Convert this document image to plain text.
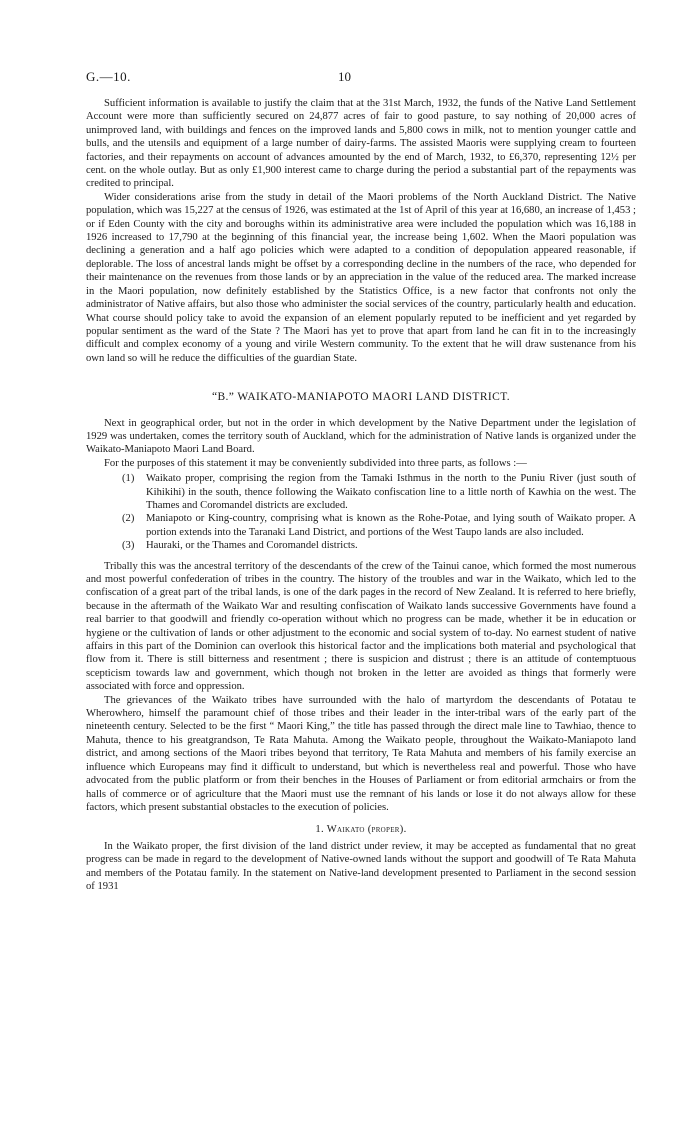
G.—10.	10

Sufficient information is available to justify the claim that at the 31st March, 1932, the funds of the Native Land Settlement Account were more than sufficiently secured on 24,877 acres of fair to good pasture, to say nothing of 20,000 acres of unimproved land, with buildings and fences on the improved lands and 5,800 cows in milk, not to mention younger cattle and bulls, and the utensils and equipment of a large number of dairy-farms. The assisted Maoris were supplying cream to fourteen factories, and their repayments on account of advances amounted by the end of March, 1932, to £6,370, representing 12½ per cent. on the whole outlay. But as only £1,900 interest came to charge during the period a substantial part of the repayments was credited to principal.

Wider considerations arise from the study in detail of the Maori problems of the North Auckland District. The Native population, which was 15,227 at the census of 1926, was estimated at the 1st of April of this year at 16,680, an increase of 1,453 ; or if Eden County with the city and boroughs within its administrative area were included the population which was 16,188 in 1926 increased to 17,790 at the beginning of this financial year, the increase being 1,602. When the Maori population was declining a generation and a half ago policies which were adapted to a condition of depopulation appeared reasonable, if deplorable. The loss of ancestral lands might be offset by a corresponding decline in the numbers of the race, who depended for their maintenance on the revenues from those lands or by an appreciation in the value of the reduced area. The marked increase in the Maori population, now definitely established by the Statistics Office, is a new factor that confronts not only the administrator of Native affairs, but also those who administer the social services of the country, particularly health and education. What course should policy take to avoid the expansion of an element popularly reputed to be inefficient and yet regarded by popular sentiment as the ward of the State ? The Maori has yet to prove that apart from land he can fit in to the increasingly difficult and complex economy of a young and virile Western community. To the extent that he will draw sustenance from his own land so will he reduce the difficulties of the guardian State.

“B.” WAIKATO-MANIAPOTO MAORI LAND DISTRICT.

Next in geographical order, but not in the order in which development by the Native Department under the legislation of 1929 was undertaken, comes the territory south of Auckland, which for the administration of Native lands is organized under the Waikato-Maniapoto Maori Land Board.

For the purposes of this statement it may be conveniently subdivided into three parts, as follows :—

(1) Waikato proper, comprising the region from the Tamaki Isthmus in the north to the Puniu River (just south of Kihikihi) in the south, thence following the Waikato confiscation line to a little north of Kawhia on the west. The Thames and Coromandel districts are excluded.
(2) Maniapoto or King-country, comprising what is known as the Rohe-Potae, and lying south of Waikato proper. A portion extends into the Taranaki Land District, and portions of the West Taupo lands are also included.
(3) Hauraki, or the Thames and Coromandel districts.

Tribally this was the ancestral territory of the descendants of the crew of the Tainui canoe, which formed the most numerous and most powerful confederation of tribes in the country. The history of the troubles and war in the Waikato, which led to the confiscation of a great part of the tribal lands, is one of the dark pages in the record of New Zealand. It is referred to here briefly, because in the aftermath of the Waikato War and resulting confiscation of Waikato lands successive Governments have found a real barrier to that goodwill and friendly co-operation without which no progress can be made, whether it be in education or hygiene or the cultivation of lands or other adjustment to the economic and social system of to-day. No earnest student of native affairs in this part of the Dominion can overlook this historical factor and the implications both material and psychological that flow from it. There is still bitterness and resentment ; there is suspicion and distrust ; there is an attitude of contemptuous scepticism towards law and government, which though not broken in the letter are avoided as things that formerly were associated with force and oppression.

The grievances of the Waikato tribes have surrounded with the halo of martyrdom the descendants of Potatau te Wherowhero, himself the paramount chief of those tribes and their leader in the inter-tribal wars of the early part of the nineteenth century. Selected to be the first “ Maori King,” the title has passed through the direct male line to Tawhiao, thence to Mahuta, thence to his greatgrandson, Te Rata Mahuta. Among the Waikato people, throughout the Waikato-Maniapoto land district, and among sections of the Maori tribes beyond that territory, Te Rata Mahuta and members of his family exercise an influence which Europeans may find it difficult to understand, but which is nevertheless real and powerful. Those who have advocated from the public platform or from their benches in the Houses of Parliament or from editorial armchairs or from the halls of commerce or of agriculture that the Maori must use the remnant of his lands or lose it do not always allow for these factors, which present substantial obstacles to the execution of policies.

1. Waikato (proper).

In the Waikato proper, the first division of the land district under review, it may be accepted as fundamental that no great progress can be made in regard to the development of Native-owned lands without the support and goodwill of Te Rata Mahuta and members of the Potatau family. In the statement on Native-land development presented to Parliament in the second session of 1931
